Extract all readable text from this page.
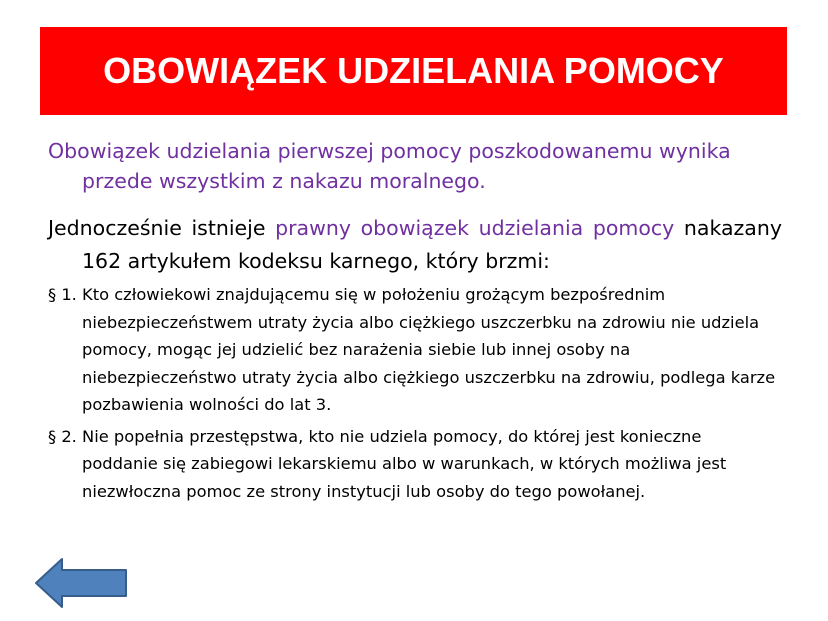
OBOWIĄZEK UDZIELANIA POMOCY

Obowiązek udzielania pierwszej pomocy poszkodowanemu wynika przede wszystkim z nakazu moralnego.

Jednocześnie istnieje prawny obowiązek udzielania pomocy nakazany 162 artykułem kodeksu karnego, który brzmi:

§ 1. Kto człowiekowi znajdującemu się w położeniu grożącym bezpośrednim niebezpieczeństwem utraty życia albo ciężkiego uszczerbku na zdrowiu nie udziela pomocy, mogąc jej udzielić bez narażenia siebie lub innej osoby na niebezpieczeństwo utraty życia albo ciężkiego uszczerbku na zdrowiu, podlega karze pozbawienia wolności do lat 3.

§ 2. Nie popełnia przestępstwa, kto nie udziela pomocy, do której jest konieczne poddanie się zabiegowi lekarskiemu albo w warunkach, w których możliwa jest niezwłoczna pomoc ze strony instytucji lub osoby do tego powołanej.
